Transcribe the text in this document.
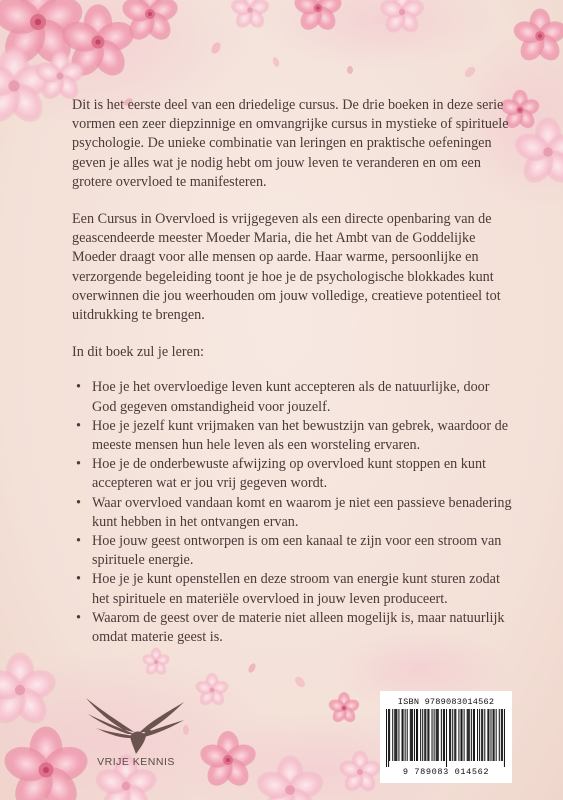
Dit is het eerste deel van een driedelige cursus. De drie boeken in deze serie vormen een zeer diepzinnige en omvangrijke cursus in mystieke of spirituele psychologie. De unieke combinatie van leringen en praktische oefeningen geven je alles wat je nodig hebt om jouw leven te veranderen en om een grotere overvloed te manifesteren.

Een Cursus in Overvloed is vrijgegeven als een directe openbaring van de geascendeerde meester Moeder Maria, die het Ambt van de Goddelijke Moeder draagt voor alle mensen op aarde. Haar warme, persoonlijke en verzorgende begeleiding toont je hoe je de psychologische blokkades kunt overwinnen die jou weerhouden om jouw volledige, creatieve potentieel tot uitdrukking te brengen.

In dit boek zul je leren:

• Hoe je het overvloedige leven kunt accepteren als de natuurlijke, door God gegeven omstandigheid voor jouzelf.
• Hoe je jezelf kunt vrijmaken van het bewustzijn van gebrek, waardoor de meeste mensen hun hele leven als een worsteling ervaren.
• Hoe je de onderbewuste afwijzing op overvloed kunt stoppen en kunt accepteren wat er jou vrij gegeven wordt.
• Waar overvloed vandaan komt en waarom je niet een passieve benadering kunt hebben in het ontvangen ervan.
• Hoe jouw geest ontworpen is om een kanaal te zijn voor een stroom van spirituele energie.
• Hoe je je kunt openstellen en deze stroom van energie kunt sturen zodat het spirituele en materiële overvloed in jouw leven produceert.
• Waarom de geest over de materie niet alleen mogelijk is, maar natuurlijk omdat materie geest is.
VRIJE KENNIS
ISBN 9789083014562
9 789083 014562
